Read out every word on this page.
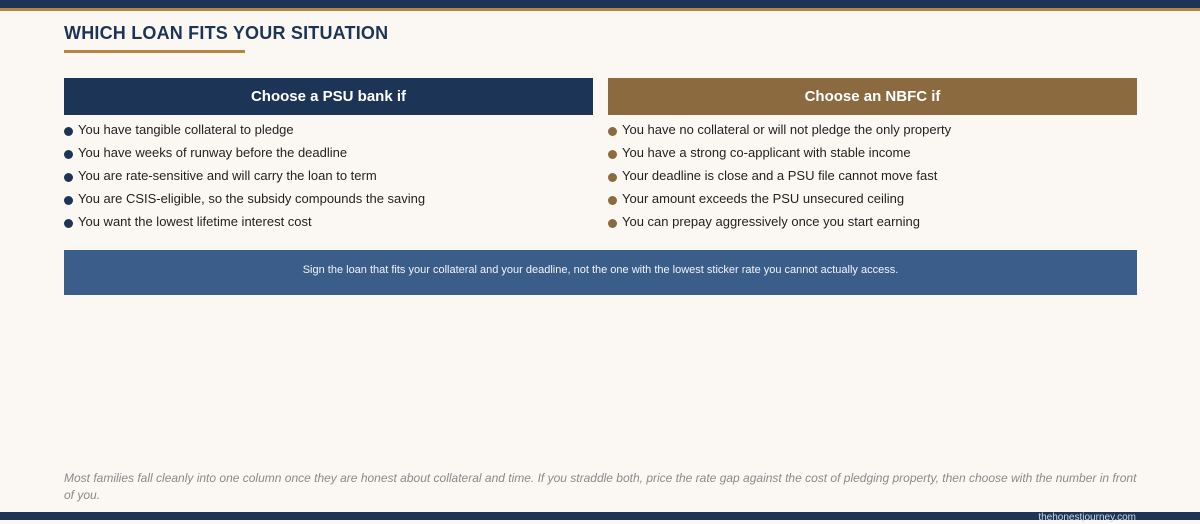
WHICH LOAN FITS YOUR SITUATION
Choose a PSU bank if
You have tangible collateral to pledge
You have weeks of runway before the deadline
You are rate-sensitive and will carry the loan to term
You are CSIS-eligible, so the subsidy compounds the saving
You want the lowest lifetime interest cost
Choose an NBFC if
You have no collateral or will not pledge the only property
You have a strong co-applicant with stable income
Your deadline is close and a PSU file cannot move fast
Your amount exceeds the PSU unsecured ceiling
You can prepay aggressively once you start earning
Sign the loan that fits your collateral and your deadline, not the one with the lowest sticker rate you cannot actually access.

Most families fall cleanly into one column once they are honest about collateral and time. If you straddle both, price the rate gap against the cost of pledging property, then choose with the number in front of you.

thehonestjourney.com
